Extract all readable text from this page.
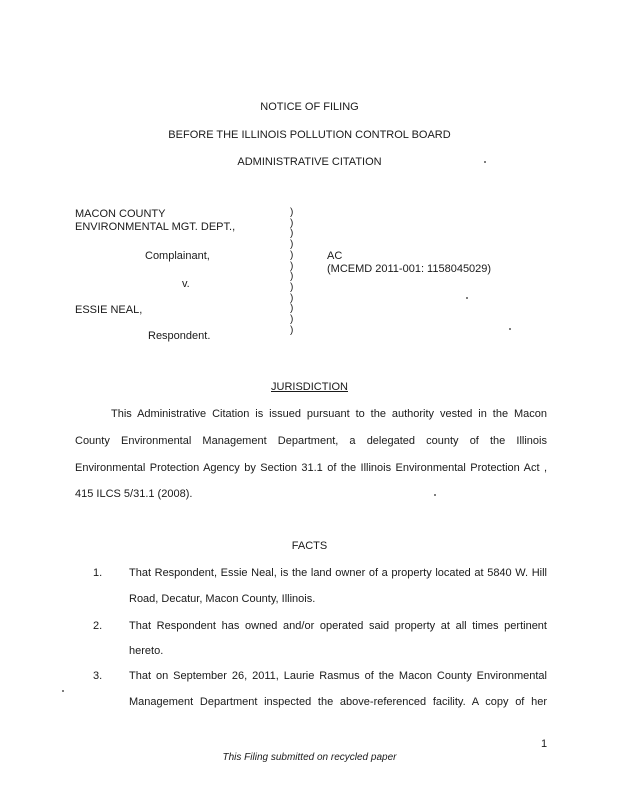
NOTICE OF FILING
BEFORE THE ILLINOIS POLLUTION CONTROL BOARD
ADMINISTRATIVE CITATION
MACON COUNTY
ENVIRONMENTAL MGT. DEPT.,
Complainant,
v.
ESSIE NEAL,
Respondent.
)
)
)
)
)
)
)
)
)
)
)
)
AC
(MCEMD 2011-001: 1158045029)
JURISDICTION
This Administrative Citation is issued pursuant to the authority vested in the Macon
County Environmental Management Department, a delegated county of the Illinois
Environmental Protection Agency by Section 31.1 of the Illinois Environmental Protection Act ,
415 ILCS 5/31.1 (2008).
FACTS
1. That Respondent, Essie Neal, is the land owner of a property located at 5840 W. Hill
Road, Decatur, Macon County, Illinois.
2. That Respondent has owned and/or operated said property at all times pertinent
hereto.
3. That on September 26, 2011, Laurie Rasmus of the Macon County Environmental
Management Department inspected the above-referenced facility. A copy of her
1
This Filing submitted on recycled paper
